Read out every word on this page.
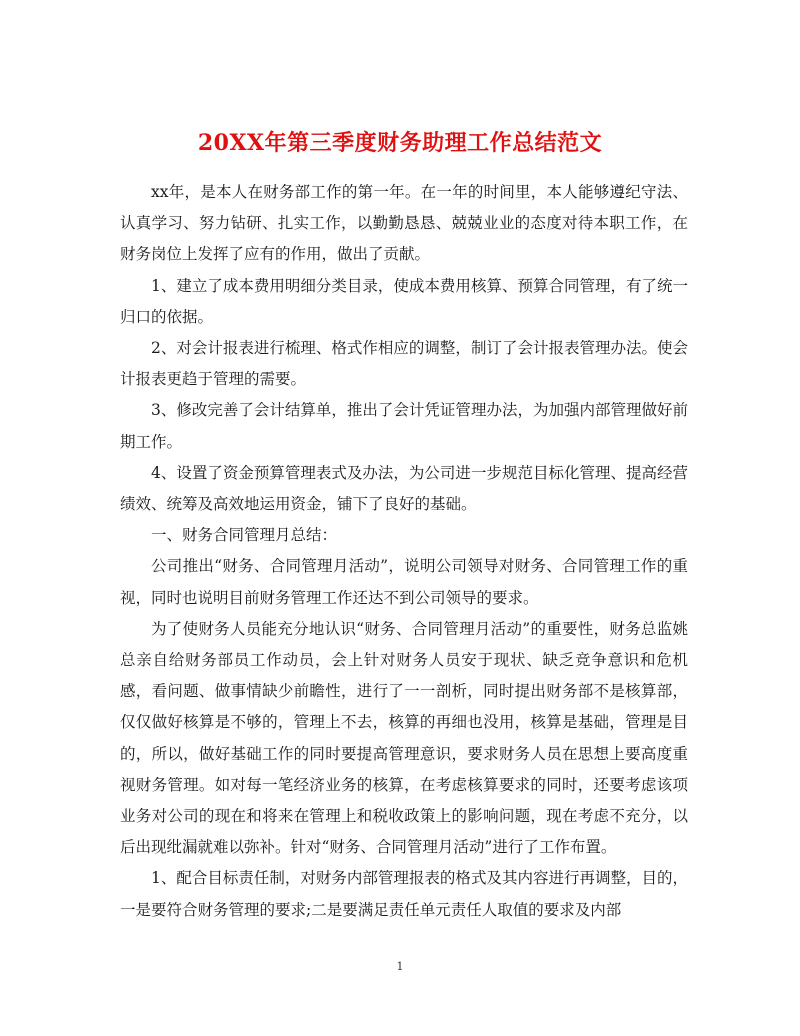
20XX年第三季度财务助理工作总结范文

xx年，是本人在财务部工作的第一年。在一年的时间里，本人能够遵纪守法、认真学习、努力钻研、扎实工作，以勤勤恳恳、兢兢业业的态度对待本职工作，在财务岗位上发挥了应有的作用，做出了贡献。

1、建立了成本费用明细分类目录，使成本费用核算、预算合同管理，有了统一归口的依据。

2、对会计报表进行梳理、格式作相应的调整，制订了会计报表管理办法。使会计报表更趋于管理的需要。

3、修改完善了会计结算单，推出了会计凭证管理办法，为加强内部管理做好前期工作。

4、设置了资金预算管理表式及办法，为公司进一步规范目标化管理、提高经营绩效、统筹及高效地运用资金，铺下了良好的基础。

一、财务合同管理月总结：

公司推出“财务、合同管理月活动”，说明公司领导对财务、合同管理工作的重视，同时也说明目前财务管理工作还达不到公司领导的要求。

为了使财务人员能充分地认识“财务、合同管理月活动”的重要性，财务总监姚总亲自给财务部员工作动员，会上针对财务人员安于现状、缺乏竞争意识和危机感，看问题、做事情缺少前瞻性，进行了一一剖析，同时提出财务部不是核算部，仅仅做好核算是不够的，管理上不去，核算的再细也没用，核算是基础，管理是目的，所以，做好基础工作的同时要提高管理意识，要求财务人员在思想上要高度重视财务管理。如对每一笔经济业务的核算，在考虑核算要求的同时，还要考虑该项业务对公司的现在和将来在管理上和税收政策上的影响问题，现在考虑不充分，以后出现纰漏就难以弥补。针对“财务、合同管理月活动”进行了工作布置。

1、配合目标责任制，对财务内部管理报表的格式及其内容进行再调整，目的，一是要符合财务管理的要求;二是要满足责任单元责任人取值的要求及内部

1
